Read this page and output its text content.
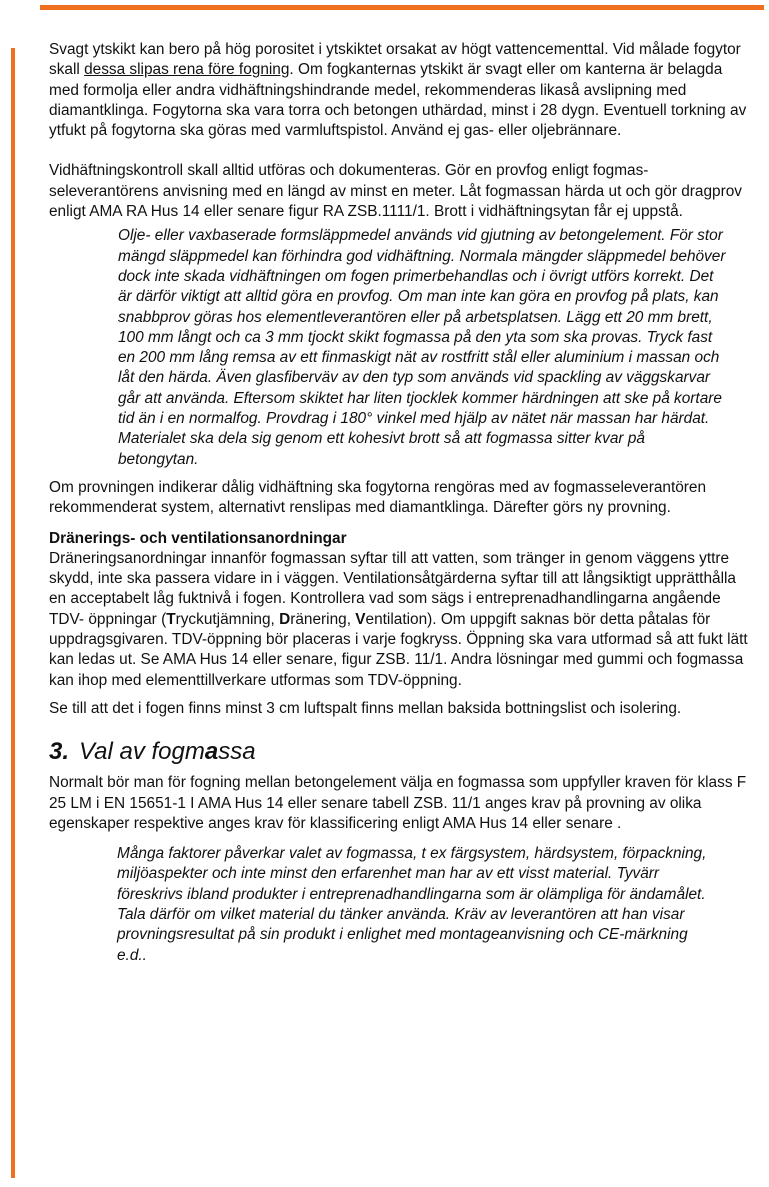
Svagt ytskikt kan bero på hög porositet i ytskiktet orsakat av högt vattencementtal. Vid målade fogytor skall dessa slipas rena före fogning. Om fogkanternas ytskikt är svagt eller om kanterna är belagda med formolja eller andra vidhäftningshindrande medel, rekommenderas likaså avslipning med diamantklinga. Fogytorna ska vara torra och betongen uthärdad, minst i 28 dygn. Eventuell torkning av ytfukt på fogytorna ska göras med varmluftspistol. Använd ej gas- eller oljebrännare.

Vidhäftningskontroll skall alltid utföras och dokumenteras. Gör en provfog enligt fogmasseleverantörens anvisning med en längd av minst en meter. Låt fogmassan härda ut och gör dragprov enligt AMA RA Hus 14 eller senare figur RA ZSB.1111/1. Brott i vidhäftningsytan får ej uppstå.

Olje- eller vaxbaserade formsläppmedel används vid gjutning av betongelement. För stor mängd släppmedel kan förhindra god vidhäftning. Normala mängder släppmedel behöver dock inte skada vidhäftningen om fogen primerbehandlas och i övrigt utförs korrekt. Det är därför viktigt att alltid göra en provfog. Om man inte kan göra en provfog på plats, kan snabbprov göras hos elementleverantören eller på arbetsplatsen. Lägg ett 20 mm brett, 100 mm långt och ca 3 mm tjockt skikt fogmassa på den yta som ska provas. Tryck fast en 200 mm lång remsa av ett finmaskigt nät av rostfritt stål eller aluminium i massan och låt den härda. Även glasfiberväv av den typ som används vid spackling av väggskarvar går att använda. Eftersom skiktet har liten tjocklek kommer härdningen att ske på kortare tid än i en normalfog. Provdrag i 180° vinkel med hjälp av nätet när massan har härdat. Materialet ska dela sig genom ett kohesivt brott så att fogmassa sitter kvar på betongytan.

Om provningen indikerar dålig vidhäftning ska fogytorna rengöras med av fogmasseleverantören rekommenderat system, alternativt renslipas med diamantklinga. Därefter görs ny provning.

Dränerings- och ventilationsanordningar

Dräneringsanordningar innanför fogmassan syftar till att vatten, som tränger in genom väggens yttre skydd, inte ska passera vidare in i väggen. Ventilationsåtgärderna syftar till att långsiktigt upprätthålla en acceptabelt låg fuktnivå i fogen. Kontrollera vad som sägs i entreprenadhandlingarna angående TDV- öppningar (Tryckutjämning, Dränering, Ventilation). Om uppgift saknas bör detta påtalas för uppdragsgivaren. TDV-öppning bör placeras i varje fogkryss. Öppning ska vara utformad så att fukt lätt kan ledas ut. Se AMA Hus 14 eller senare, figur ZSB. 11/1. Andra lösningar med gummi och fogmassa kan ihop med elementtillverkare utformas som TDV-öppning.

Se till att det i fogen finns minst 3 cm luftspalt finns mellan baksida bottningslist och isolering.

3. Val av fogmassa

Normalt bör man för fogning mellan betongelement välja en fogmassa som uppfyller kraven för klass F 25 LM i EN 15651-1 I AMA Hus 14 eller senare tabell ZSB. 11/1 anges krav på provning av olika egenskaper respektive anges krav för klassificering enligt AMA Hus 14 eller senare .

Många faktorer påverkar valet av fogmassa, t ex färgsystem, härdsystem, förpackning, miljöaspekter och inte minst den erfarenhet man har av ett visst material. Tyvärr föreskrivs ibland produkter i entreprenadhandlingarna som är olämpliga för ändamålet. Tala därför om vilket material du tänker använda. Kräv av leverantören att han visar provningsresultat på sin produkt i enlighet med montageanvisning och CE-märkning e.d..
